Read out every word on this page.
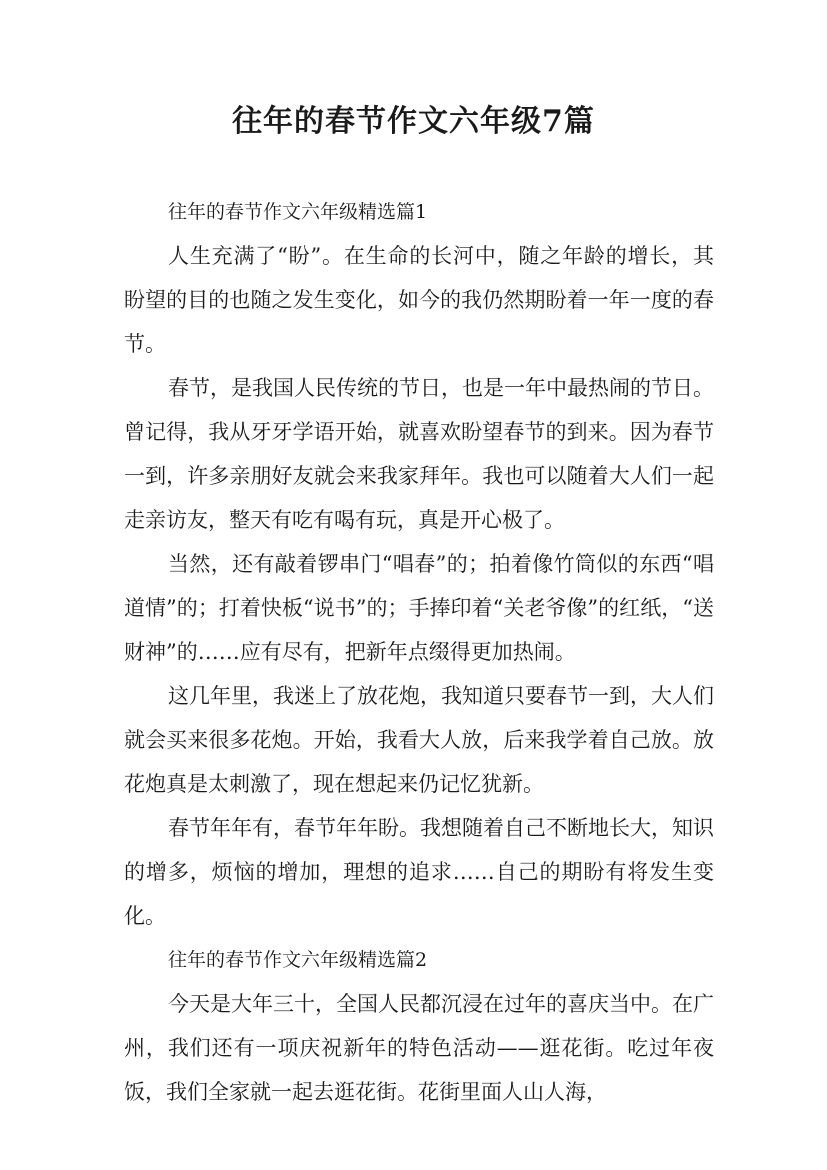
往年的春节作文六年级7篇
往年的春节作文六年级精选篇1

人生充满了“盼”。在生命的长河中，随之年龄的增长，其盼望的目的也随之发生变化，如今的我仍然期盼着一年一度的春节。

春节，是我国人民传统的节日，也是一年中最热闹的节日。曾记得，我从牙牙学语开始，就喜欢盼望春节的到来。因为春节一到，许多亲朋好友就会来我家拜年。我也可以随着大人们一起走亲访友，整天有吃有喝有玩，真是开心极了。

当然，还有敲着锣串门“唱春”的；拍着像竹筒似的东西“唱道情”的；打着快板“说书”的；手捧印着“关老爷像”的红纸，“送财神”的……应有尽有，把新年点缀得更加热闹。

这几年里，我迷上了放花炮，我知道只要春节一到，大人们就会买来很多花炮。开始，我看大人放，后来我学着自己放。放花炮真是太刺激了，现在想起来仍记忆犹新。

春节年年有，春节年年盼。我想随着自己不断地长大，知识的增多，烦恼的增加，理想的追求……自己的期盼有将发生变化。

往年的春节作文六年级精选篇2

今天是大年三十，全国人民都沉浸在过年的喜庆当中。在广州，我们还有一项庆祝新年的特色活动——逛花街。吃过年夜饭，我们全家就一起去逛花街。花街里面人山人海，
